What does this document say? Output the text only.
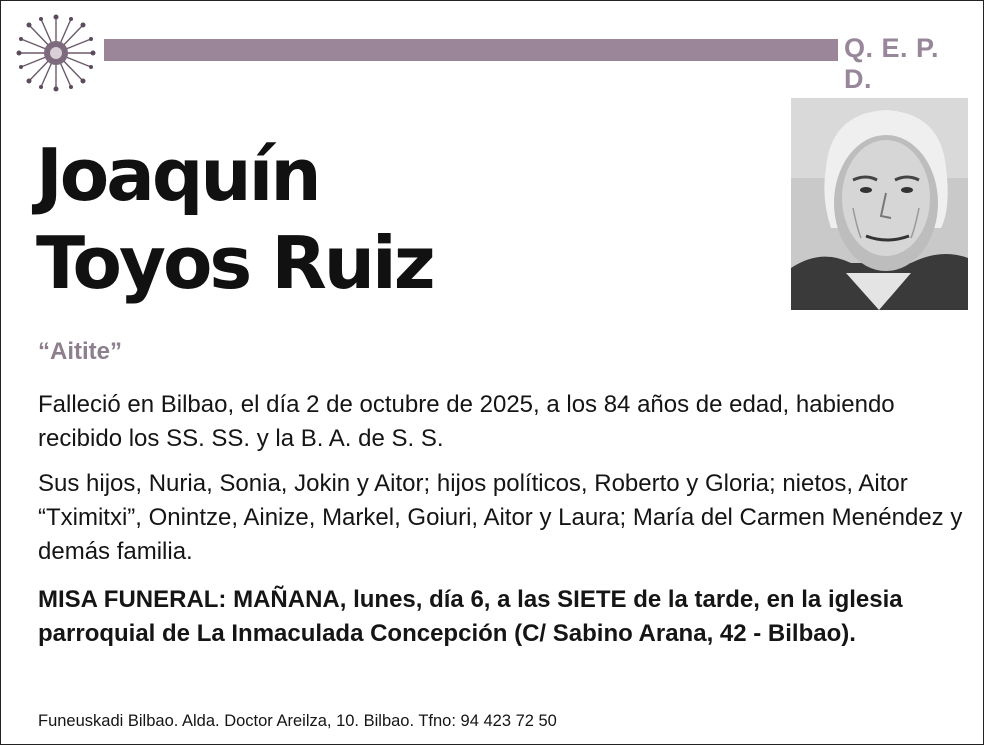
Q. E. P. D.
Joaquín
Toyos Ruiz
“Aitite”
Falleció en Bilbao, el día 2 de octubre de 2025, a los 84 años de edad, habiendo recibido los SS. SS. y la B. A. de S. S.
Sus hijos, Nuria, Sonia, Jokin y Aitor; hijos políticos, Roberto y Gloria; nietos, Aitor “Tximitxi”, Onintze, Ainize, Markel, Goiuri, Aitor y Laura; María del Carmen Menéndez y demás familia.
MISA FUNERAL: MAÑANA, lunes, día 6, a las SIETE de la tarde, en la iglesia parroquial de La Inmaculada Concepción (C/ Sabino Arana, 42 - Bilbao).
Funeuskadi Bilbao. Alda. Doctor Areilza, 10. Bilbao. Tfno: 94 423 72 50
